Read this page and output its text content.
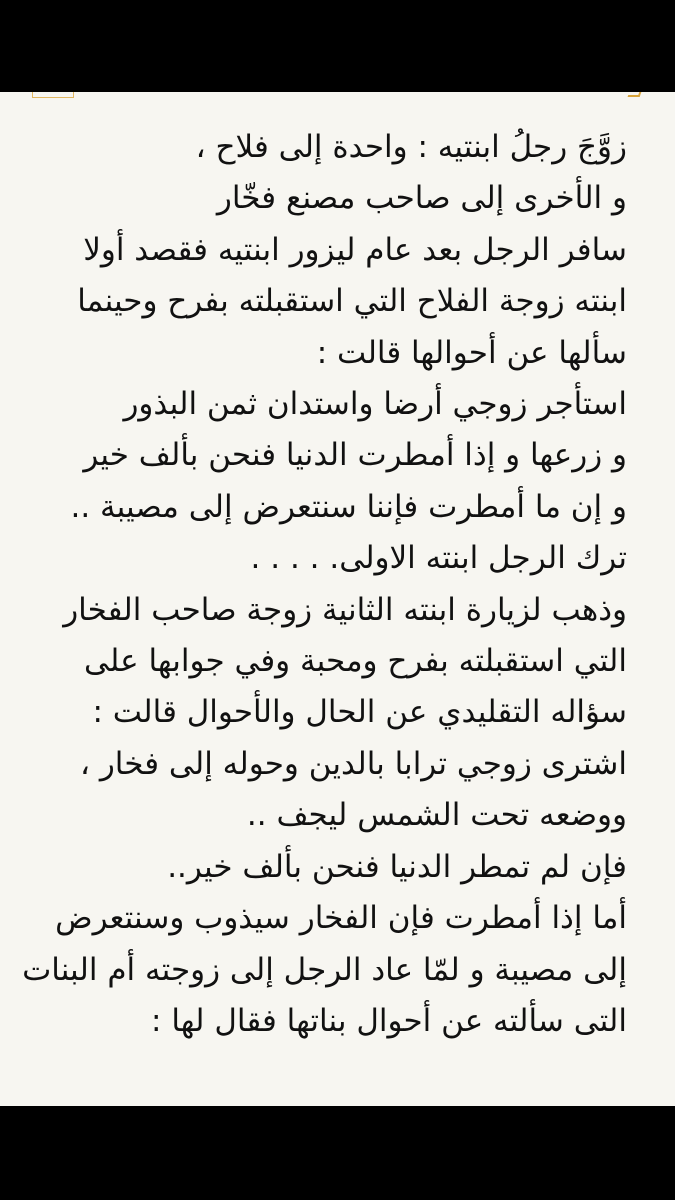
زوَّجَ رجلُ ابنتيه : واحدة إلى فلاح ،
و الأخرى إلى صاحب مصنع فخّار
سافر الرجل بعد عام ليزور ابنتيه فقصد أولا
ابنته زوجة الفلاح التي استقبلته بفرح وحينما
سألها عن أحوالها قالت :
استأجر زوجي أرضا واستدان ثمن البذور
و زرعها و إذا أمطرت الدنيا فنحن بألف خير
و إن ما أمطرت فإننا سنتعرض إلى مصيبة ..
ترك الرجل ابنته الاولى. . . . .
وذهب لزيارة ابنته الثانية زوجة صاحب الفخار
التي استقبلته بفرح ومحبة وفي جوابها على
سؤاله التقليدي عن الحال والأحوال قالت :
اشترى زوجي ترابا بالدين وحوله إلى فخار ،
ووضعه تحت الشمس ليجف ..
فإن لم تمطر الدنيا فنحن بألف خير..
أما إذا أمطرت فإن الفخار سيذوب وسنتعرض
إلى مصيبة و لمّا عاد الرجل إلى زوجته أم البنات
التى سألته عن أحوال بناتها فقال لها :
